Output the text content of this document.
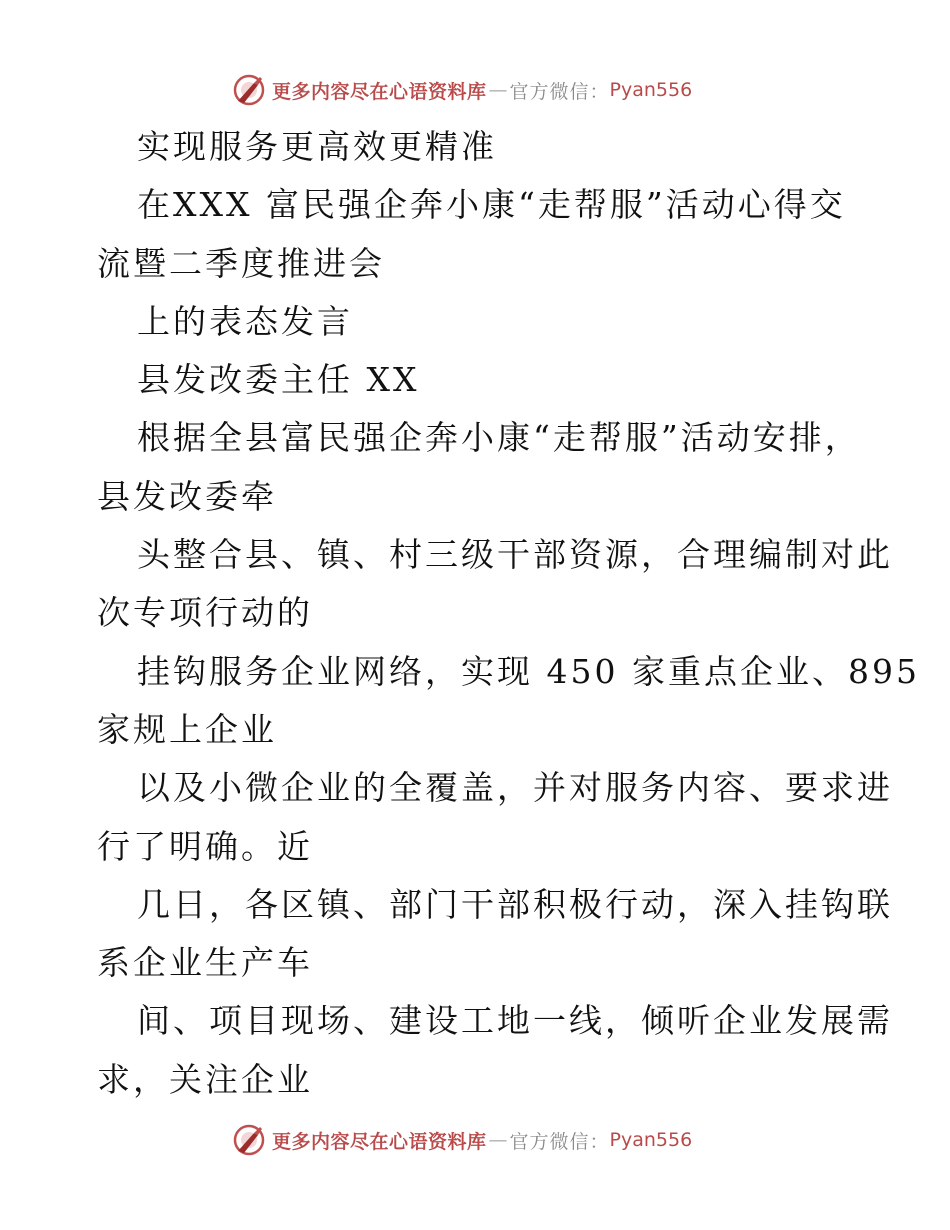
更多内容尽在心语资料库 — 官方微信： Pyan556
实现服务更高效更精准
在XXX 富民强企奔小康“走帮服”活动心得交
流暨二季度推进会
上的表态发言
县发改委主任 XX
根据全县富民强企奔小康“走帮服”活动安排，
县发改委牵
头整合县、镇、村三级干部资源，合理编制对此
次专项行动的
挂钩服务企业网络，实现 450 家重点企业、895
家规上企业
以及小微企业的全覆盖，并对服务内容、要求进
行了明确。近
几日，各区镇、部门干部积极行动，深入挂钩联
系企业生产车
间、项目现场、建设工地一线，倾听企业发展需
求，关注企业
更多内容尽在心语资料库 — 官方微信： Pyan556
